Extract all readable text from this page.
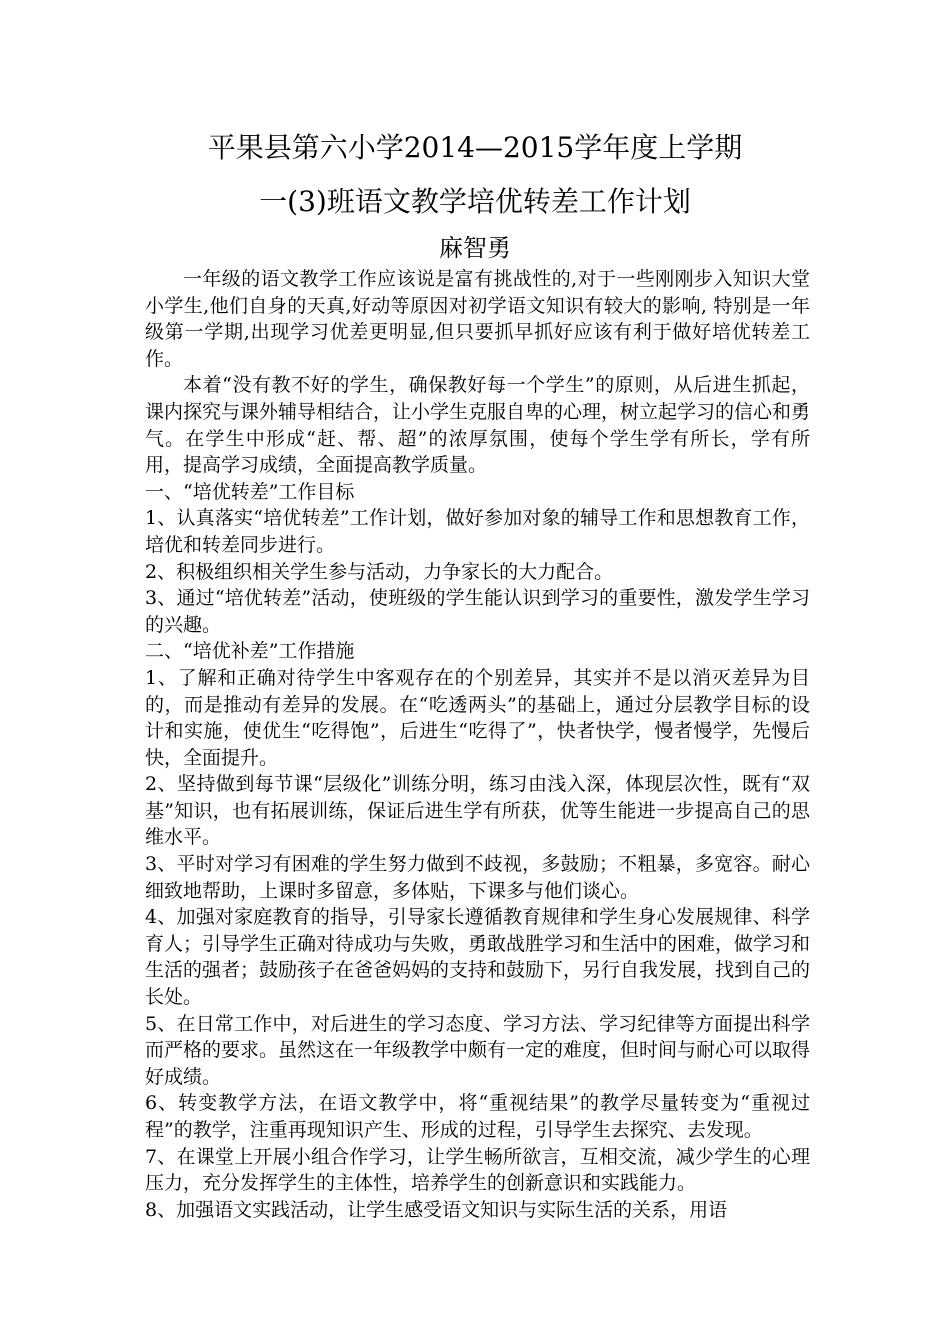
平果县第六小学2014—2015学年度上学期
一(3)班语文教学培优转差工作计划
麻智勇

一年级的语文教学工作应该说是富有挑战性的,对于一些刚刚步入知识大堂小学生,他们自身的天真,好动等原因对初学语文知识有较大的影响, 特别是一年级第一学期,出现学习优差更明显,但只要抓早抓好应该有利于做好培优转差工作。

本着“没有教不好的学生，确保教好每一个学生”的原则，从后进生抓起，课内探究与课外辅导相结合，让小学生克服自卑的心理，树立起学习的信心和勇气。在学生中形成“赶、帮、超”的浓厚氛围，使每个学生学有所长，学有所用，提高学习成绩，全面提高教学质量。

一、“培优转差”工作目标

1、认真落实“培优转差”工作计划，做好参加对象的辅导工作和思想教育工作，培优和转差同步进行。

2、积极组织相关学生参与活动，力争家长的大力配合。

3、通过“培优转差”活动，使班级的学生能认识到学习的重要性，激发学生学习的兴趣。

二、“培优补差”工作措施

1、了解和正确对待学生中客观存在的个别差异，其实并不是以消灭差异为目的，而是推动有差异的发展。在“吃透两头”的基础上，通过分层教学目标的设计和实施，使优生“吃得饱”，后进生“吃得了”，快者快学，慢者慢学，先慢后快，全面提升。

2、坚持做到每节课“层级化”训练分明，练习由浅入深，体现层次性，既有“双基”知识，也有拓展训练，保证后进生学有所获，优等生能进一步提高自己的思维水平。

3、平时对学习有困难的学生努力做到不歧视，多鼓励；不粗暴，多宽容。耐心细致地帮助，上课时多留意，多体贴，下课多与他们谈心。

4、加强对家庭教育的指导，引导家长遵循教育规律和学生身心发展规律、科学育人；引导学生正确对待成功与失败，勇敢战胜学习和生活中的困难，做学习和生活的强者；鼓励孩子在爸爸妈妈的支持和鼓励下，另行自我发展，找到自己的长处。

5、在日常工作中，对后进生的学习态度、学习方法、学习纪律等方面提出科学而严格的要求。虽然这在一年级教学中颇有一定的难度，但时间与耐心可以取得好成绩。

6、转变教学方法，在语文教学中，将“重视结果”的教学尽量转变为“重视过程”的教学，注重再现知识产生、形成的过程，引导学生去探究、去发现。

7、在课堂上开展小组合作学习，让学生畅所欲言，互相交流，减少学生的心理压力，充分发挥学生的主体性，培养学生的创新意识和实践能力。

8、加强语文实践活动，让学生感受语文知识与实际生活的关系，用语
